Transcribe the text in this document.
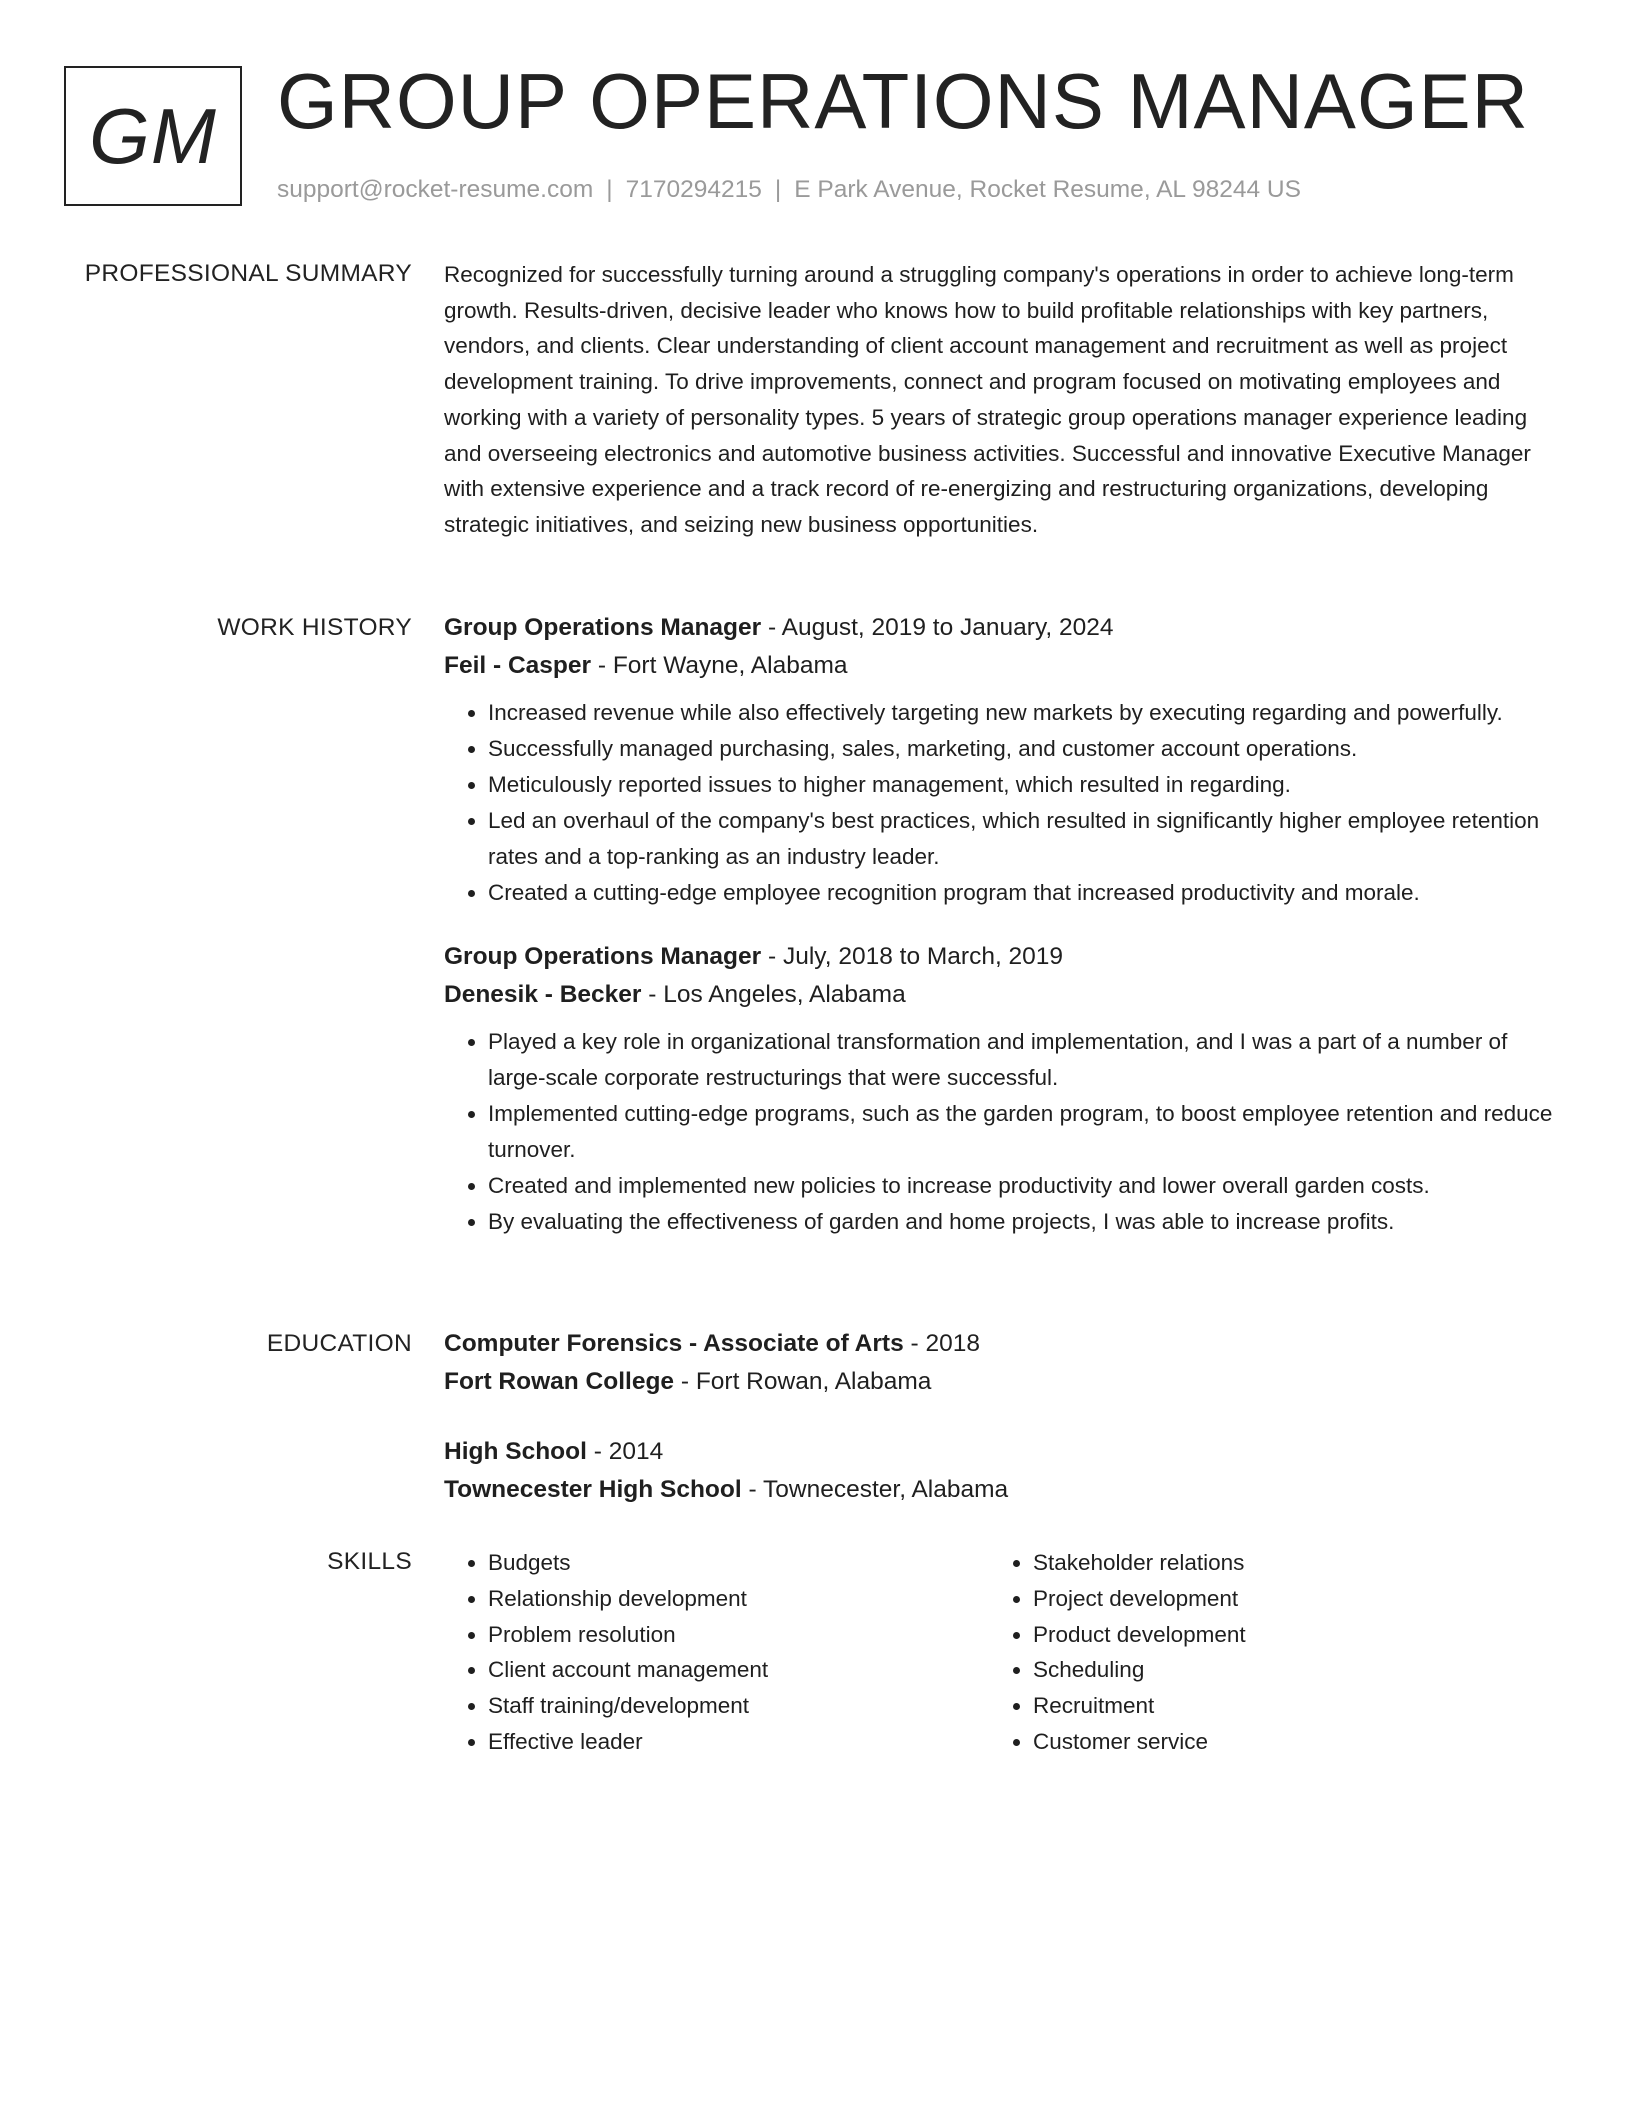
GM GROUP OPERATIONS MANAGER
support@rocket-resume.com | 7170294215 | E Park Avenue, Rocket Resume, AL 98244 US
PROFESSIONAL SUMMARY Recognized for successfully turning around a struggling company's operations in order to achieve long-term growth. Results-driven, decisive leader who knows how to build profitable relationships with key partners, vendors, and clients. Clear understanding of client account management and recruitment as well as project development training. To drive improvements, connect and program focused on motivating employees and working with a variety of personality types. 5 years of strategic group operations manager experience leading and overseeing electronics and automotive business activities. Successful and innovative Executive Manager with extensive experience and a track record of re-energizing and restructuring organizations, developing strategic initiatives, and seizing new business opportunities.

WORK HISTORY Group Operations Manager - August, 2019 to January, 2024
Feil - Casper - Fort Wayne, Alabama
• Increased revenue while also effectively targeting new markets by executing regarding and powerfully.
• Successfully managed purchasing, sales, marketing, and customer account operations.
• Meticulously reported issues to higher management, which resulted in regarding.
• Led an overhaul of the company's best practices, which resulted in significantly higher employee retention rates and a top-ranking as an industry leader.
• Created a cutting-edge employee recognition program that increased productivity and morale.
Group Operations Manager - July, 2018 to March, 2019
Denesik - Becker - Los Angeles, Alabama
• Played a key role in organizational transformation and implementation, and I was a part of a number of large-scale corporate restructurings that were successful.
• Implemented cutting-edge programs, such as the garden program, to boost employee retention and reduce turnover.
• Created and implemented new policies to increase productivity and lower overall garden costs.
• By evaluating the effectiveness of garden and home projects, I was able to increase profits.
EDUCATION Computer Forensics - Associate of Arts - 2018
Fort Rowan College - Fort Rowan, Alabama
High School - 2014
Townecester High School - Townecester, Alabama
SKILLS
•	Budgets
• Relationship development
• Problem resolution
• Client account management
• Staff training/development
• Effective leader
• Stakeholder relations
• Project development
• Product development
• Scheduling
• Recruitment
• Customer service
